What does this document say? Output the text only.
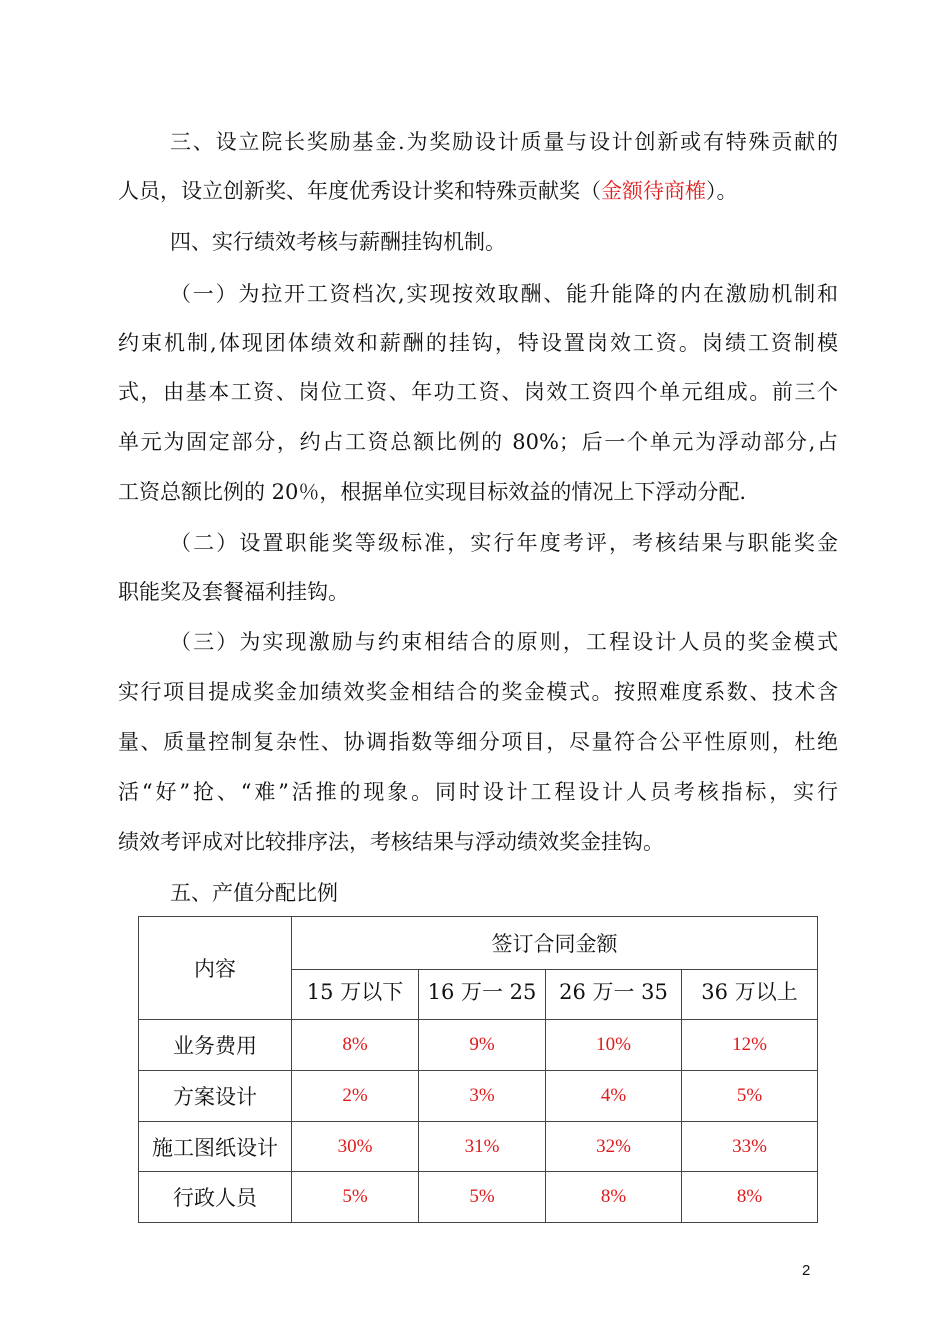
三、设立院长奖励基金.为奖励设计质量与设计创新或有特殊贡献的
人员，设立创新奖、年度优秀设计奖和特殊贡献奖（金额待商榷）。
四、实行绩效考核与薪酬挂钩机制。
（一）为拉开工资档次,实现按效取酬、能升能降的内在激励机制和
约束机制,体现团体绩效和薪酬的挂钩，特设置岗效工资。岗绩工资制模
式，由基本工资、岗位工资、年功工资、岗效工资四个单元组成。前三个
单元为固定部分，约占工资总额比例的 80%；后一个单元为浮动部分,占
工资总额比例的 20％，根据单位实现目标效益的情况上下浮动分配.
（二）设置职能奖等级标准，实行年度考评，考核结果与职能奖金
职能奖及套餐福利挂钩。
（三）为实现激励与约束相结合的原则，工程设计人员的奖金模式
实行项目提成奖金加绩效奖金相结合的奖金模式。按照难度系数、技术含
量、质量控制复杂性、协调指数等细分项目，尽量符合公平性原则，杜绝
活“好”抢、“难”活推的现象。同时设计工程设计人员考核指标，实行
绩效考评成对比较排序法，考核结果与浮动绩效奖金挂钩。
五、产值分配比例
内容	签订合同金额			

	15 万以下	16 万一 25	26 万一 35	36 万以上

业务费用	8%	9%	10%	12%
方案设计	2%	3%	4%	5%
施工图纸设计	30%	31%	32%	33%
行政人员	5%	5%	8%	8%
2
